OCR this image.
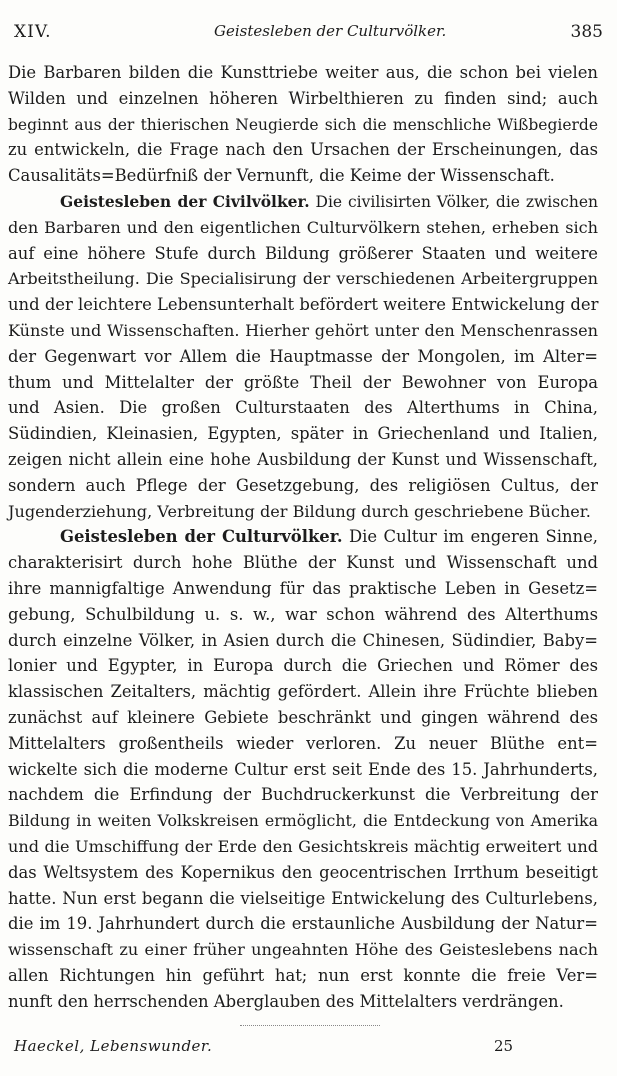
XIV.	Geistesleben der Culturvölker.	385
Die Barbaren bilden die Kunsttriebe weiter aus, die schon bei vielen
Wilden und einzelnen höheren Wirbelthieren zu finden sind; auch
beginnt aus der thierischen Neugierde sich die menschliche Wißbegierde
zu entwickeln, die Frage nach den Ursachen der Erscheinungen, das
Causalitäts=Bedürfniß der Vernunft, die Keime der Wissenschaft.
Geistesleben der Civilvölker. Die civilisirten Völker, die zwischen
den Barbaren und den eigentlichen Culturvölkern stehen, erheben sich
auf eine höhere Stufe durch Bildung größerer Staaten und weitere
Arbeitstheilung. Die Specialisirung der verschiedenen Arbeitergruppen
und der leichtere Lebensunterhalt befördert weitere Entwickelung der
Künste und Wissenschaften. Hierher gehört unter den Menschenrassen
der Gegenwart vor Allem die Hauptmasse der Mongolen, im Alter=
thum und Mittelalter der größte Theil der Bewohner von Europa
und Asien. Die großen Culturstaaten des Alterthums in China,
Südindien, Kleinasien, Egypten, später in Griechenland und Italien,
zeigen nicht allein eine hohe Ausbildung der Kunst und Wissenschaft,
sondern auch Pflege der Gesetzgebung, des religiösen Cultus, der
Jugenderziehung, Verbreitung der Bildung durch geschriebene Bücher.
Geistesleben der Culturvölker. Die Cultur im engeren Sinne,
charakterisirt durch hohe Blüthe der Kunst und Wissenschaft und
ihre mannigfaltige Anwendung für das praktische Leben in Gesetz=
gebung, Schulbildung u. s. w., war schon während des Alterthums
durch einzelne Völker, in Asien durch die Chinesen, Südindier, Baby=
lonier und Egypter, in Europa durch die Griechen und Römer des
klassischen Zeitalters, mächtig gefördert. Allein ihre Früchte blieben
zunächst auf kleinere Gebiete beschränkt und gingen während des
Mittelalters großentheils wieder verloren. Zu neuer Blüthe ent=
wickelte sich die moderne Cultur erst seit Ende des 15. Jahrhunderts,
nachdem die Erfindung der Buchdruckerkunst die Verbreitung der
Bildung in weiten Volkskreisen ermöglicht, die Entdeckung von Amerika
und die Umschiffung der Erde den Gesichtskreis mächtig erweitert und
das Weltsystem des Kopernikus den geocentrischen Irrthum beseitigt
hatte. Nun erst begann die vielseitige Entwickelung des Culturlebens,
die im 19. Jahrhundert durch die erstaunliche Ausbildung der Natur=
wissenschaft zu einer früher ungeahnten Höhe des Geisteslebens nach
allen Richtungen hin geführt hat; nun erst konnte die freie Ver=
nunft den herrschenden Aberglauben des Mittelalters verdrängen.
Haeckel, Lebenswunder.	25
